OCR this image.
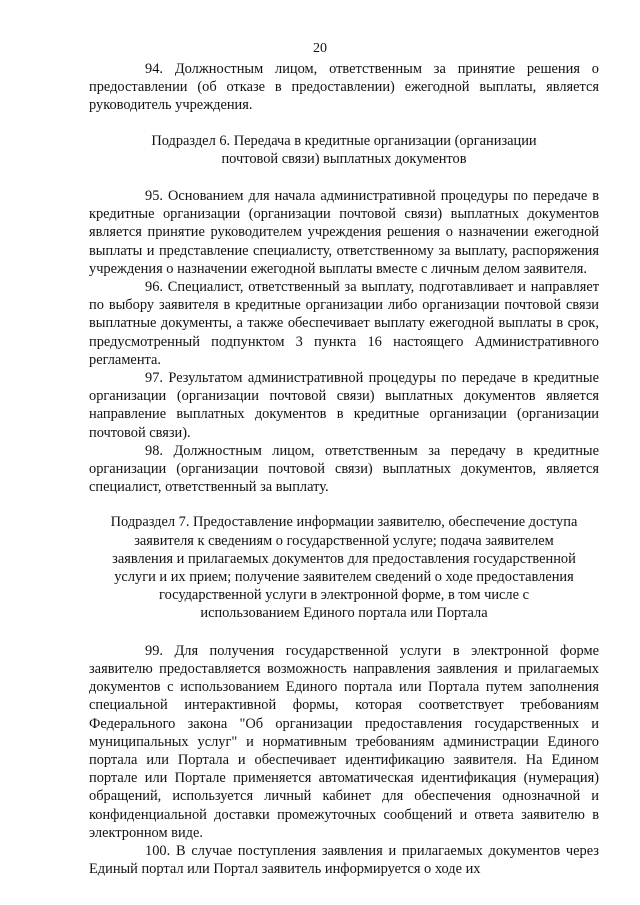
20

94. Должностным лицом, ответственным за принятие решения о предоставлении (об отказе в предоставлении) ежегодной выплаты, является руководитель учреждения.

Подраздел 6. Передача в кредитные организации (организации
почтовой связи) выплатных документов

95. Основанием для начала административной процедуры по передаче в кредитные организации (организации почтовой связи) выплатных документов является принятие руководителем учреждения решения о назначении ежегодной выплаты и представление специалисту, ответственному за выплату, распоряжения учреждения о назначении ежегодной выплаты вместе с личным делом заявителя.

96. Специалист, ответственный за выплату, подготавливает и направляет по выбору заявителя в кредитные организации либо организации почтовой связи выплатные документы, а также обеспечивает выплату ежегодной выплаты в срок, предусмотренный подпунктом 3 пункта 16 настоящего Административного регламента.

97. Результатом административной процедуры по передаче в кредитные организации (организации почтовой связи) выплатных документов является направление выплатных документов в кредитные организации (организации почтовой связи).

98. Должностным лицом, ответственным за передачу в кредитные организации (организации почтовой связи) выплатных документов, является специалист, ответственный за выплату.

Подраздел 7. Предоставление информации заявителю, обеспечение доступа
заявителя к сведениям о государственной услуге; подача заявителем
заявления и прилагаемых документов для предоставления государственной
услуги и их прием; получение заявителем сведений о ходе предоставления
государственной услуги в электронной форме, в том числе с
использованием Единого портала или Портала

99. Для получения государственной услуги в электронной форме заявителю предоставляется возможность направления заявления и прилагаемых документов с использованием Единого портала или Портала путем заполнения специальной интерактивной формы, которая соответствует требованиям Федерального закона "Об организации предоставления государственных и муниципальных услуг" и нормативным требованиям администрации Единого портала или Портала и обеспечивает идентификацию заявителя. На Едином портале или Портале применяется автоматическая идентификация (нумерация) обращений, используется личный кабинет для обеспечения однозначной и конфиденциальной доставки промежуточных сообщений и ответа заявителю в электронном виде.

100. В случае поступления заявления и прилагаемых документов через Единый портал или Портал заявитель информируется о ходе их
